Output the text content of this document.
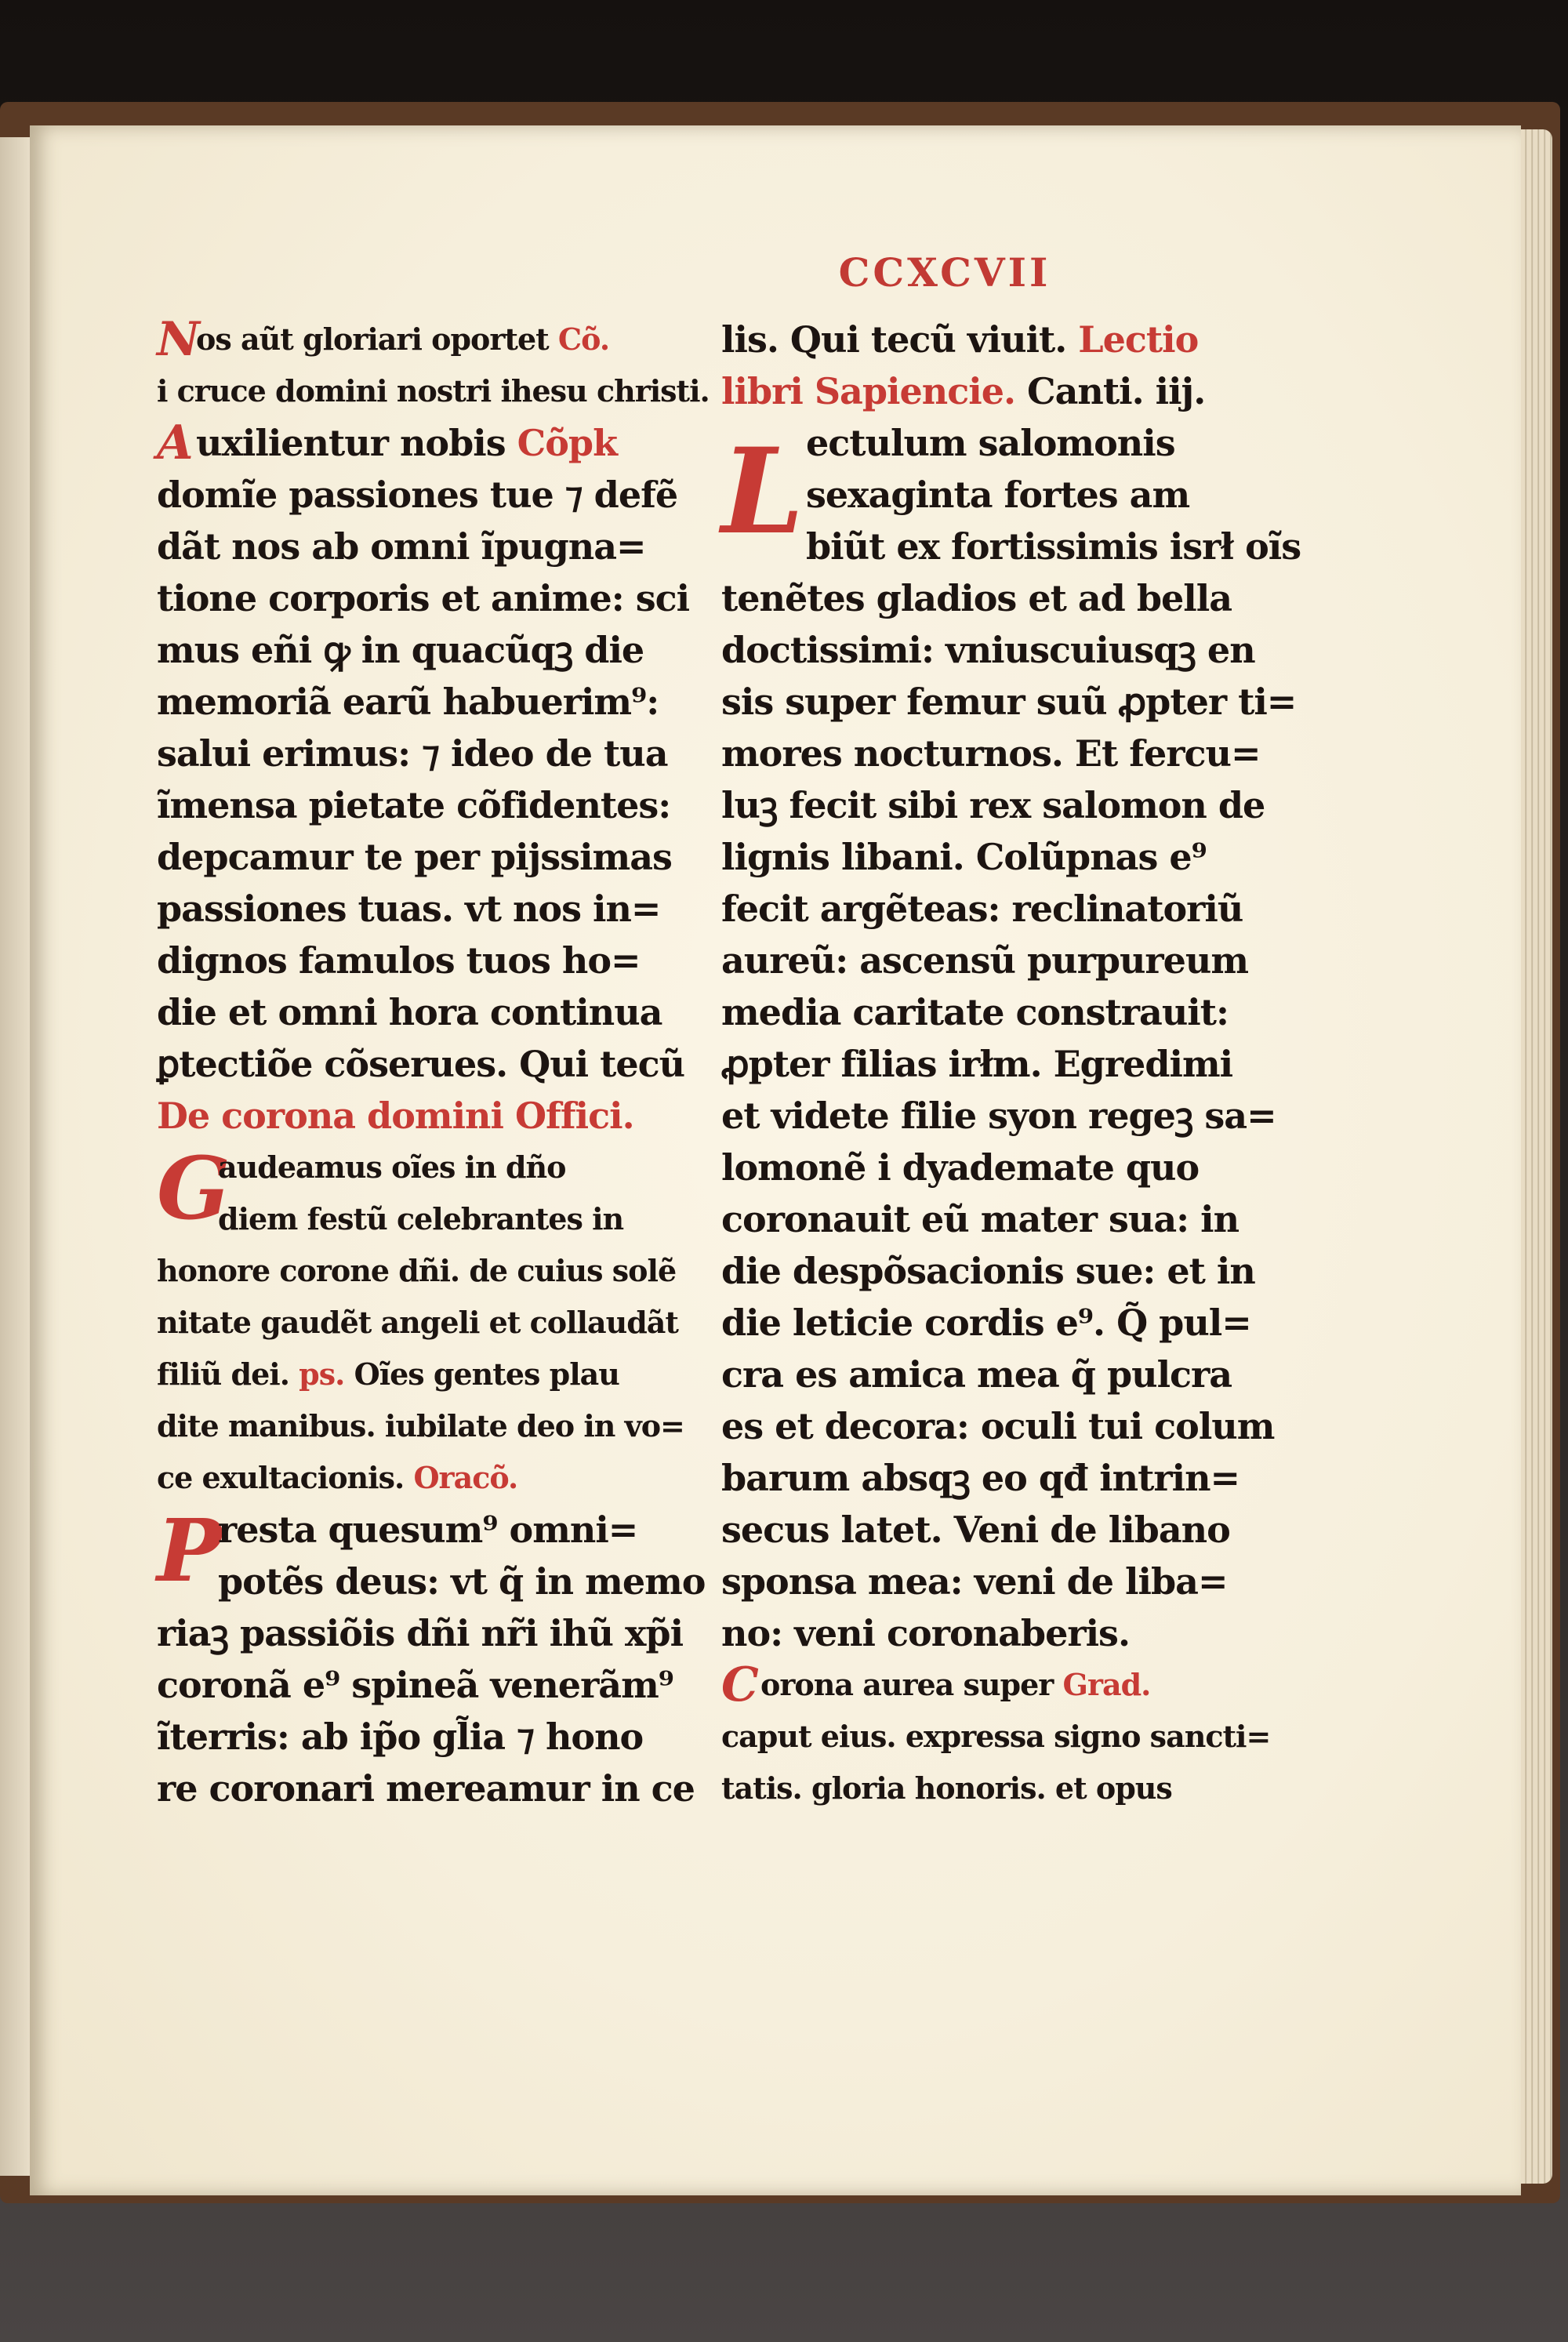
CCXCVII
N
os aũt gloriari oportet Cõ.
i cruce domini nostri ihesu christi.
A uxilientur nobis Cõpk
domĩe passiones tue ⁊ defẽ
dãt nos ab omni ĩpugna=
tione corporis et anime: sci
mus eñi ꝙ in quacũqꝫ die
memoriã earũ habuerim⁹:
salui erimus: ⁊ ideo de tua
ĩmensa pietate cõfidentes:
depcamur te per pijssimas
passiones tuas. vt nos in=
dignos famulos tuos ho=
die et omni hora continua
ꝑtectiõe cõserues. Qui tecũ
De corona domini Offici.
G
audeamus oĩes in dño
diem festũ celebrantes in
honore corone dñi. de cuius solẽ
nitate gaudẽt angeli et collaudãt
filiũ dei. ps. Oĩes gentes plau
dite manibus. iubilate deo in vo=
ce exultacionis. Oracõ.
P
resta quesum⁹ omni=
potẽs deus: vt q̃ in memo
riaꝫ passiõis dñi nr̃i ihũ xp̃i
coronã e⁹ spineã venerãm⁹
ĩterris: ab ip̃o gl̃ia ⁊ hono
re coronari mereamur in ce
lis. Qui tecũ viuit. Lectio
libri Sapiencie. Canti. iij.
L ectulum salomonis
sexaginta fortes am
biũt ex fortissimis isrł oĩs
tenẽtes gladios et ad bella
doctissimi: vniuscuiusqꝫ en
sis super femur suũ ꝓpter ti=
mores nocturnos. Et fercu=
luꝫ fecit sibi rex salomon de
lignis libani. Colũpnas e⁹
fecit argẽteas: reclinatoriũ
aureũ: ascensũ purpureum
media caritate constrauit:
ꝓpter filias irłm. Egredimi
et videte filie syon regeꝫ sa=
lomonẽ i dyademate quo
coronauit eũ mater sua: in
die despõsacionis sue: et in
die leticie cordis e⁹. Q̃ pul=
cra es amica mea q̃ pulcra
es et decora: oculi tui colum
barum absqꝫ eo qđ intrin=
secus latet. Veni de libano
sponsa mea: veni de liba=
no: veni coronaberis.
C orona aurea super Grad.
caput eius. expressa signo sancti=
tatis. gloria honoris. et opus
